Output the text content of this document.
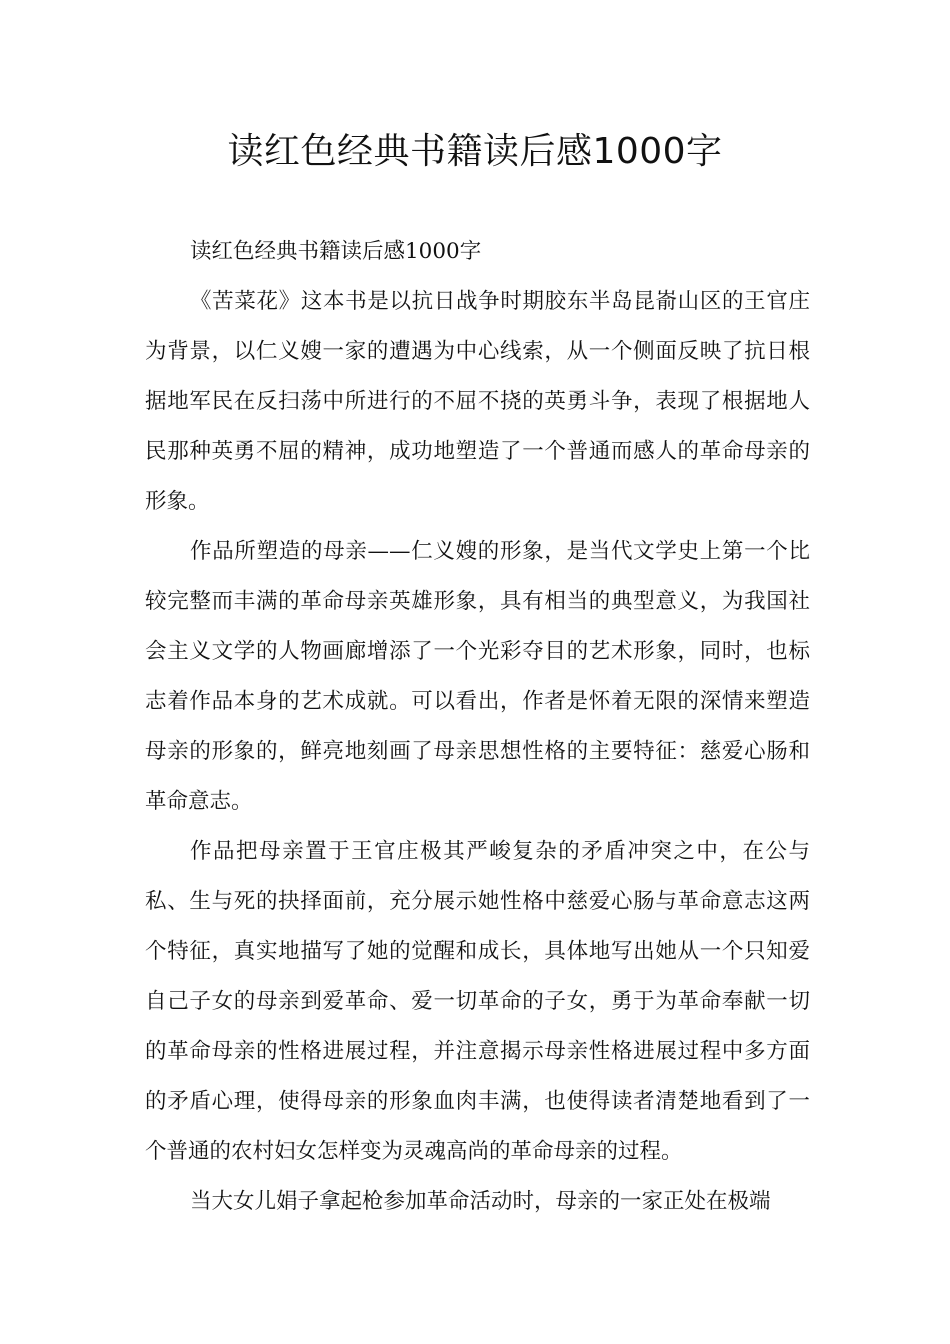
读红色经典书籍读后感1000字

读红色经典书籍读后感1000字

《苦菜花》这本书是以抗日战争时期胶东半岛昆嵛山区的王官庄为背景，以仁义嫂一家的遭遇为中心线索，从一个侧面反映了抗日根据地军民在反扫荡中所进行的不屈不挠的英勇斗争，表现了根据地人民那种英勇不屈的精神，成功地塑造了一个普通而感人的革命母亲的形象。

作品所塑造的母亲——仁义嫂的形象，是当代文学史上第一个比较完整而丰满的革命母亲英雄形象，具有相当的典型意义，为我国社会主义文学的人物画廊增添了一个光彩夺目的艺术形象，同时，也标志着作品本身的艺术成就。可以看出，作者是怀着无限的深情来塑造母亲的形象的，鲜亮地刻画了母亲思想性格的主要特征：慈爱心肠和革命意志。

作品把母亲置于王官庄极其严峻复杂的矛盾冲突之中，在公与私、生与死的抉择面前，充分展示她性格中慈爱心肠与革命意志这两个特征，真实地描写了她的觉醒和成长，具体地写出她从一个只知爱自己子女的母亲到爱革命、爱一切革命的子女，勇于为革命奉献一切的革命母亲的性格进展过程，并注意揭示母亲性格进展过程中多方面的矛盾心理，使得母亲的形象血肉丰满，也使得读者清楚地看到了一个普通的农村妇女怎样变为灵魂高尚的革命母亲的过程。

当大女儿娟子拿起枪参加革命活动时，母亲的一家正处在极端
